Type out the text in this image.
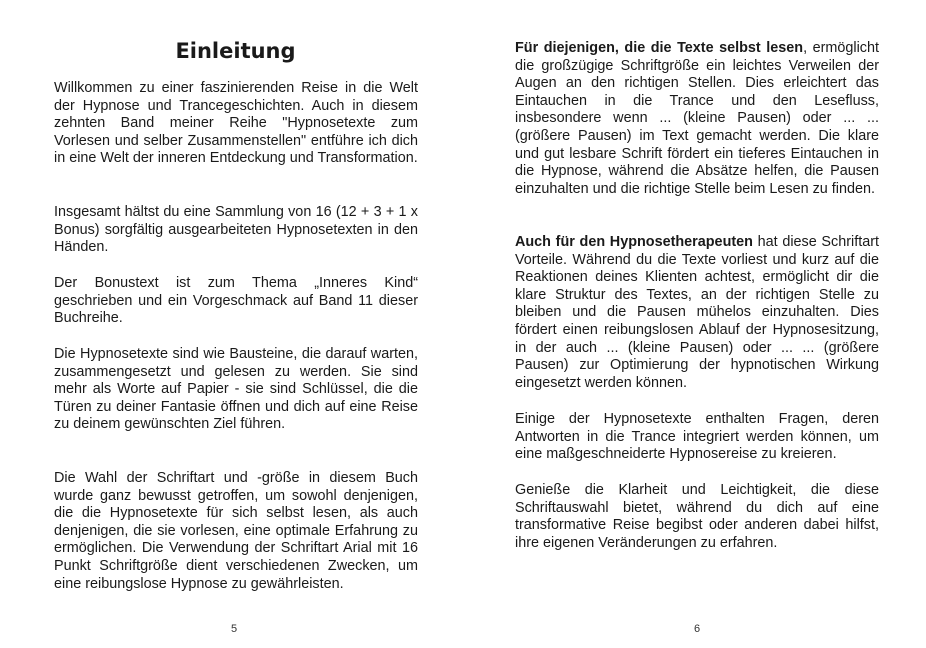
Einleitung

Willkommen zu einer faszinierenden Reise in die Welt der Hypnose und Trancegeschichten. Auch in diesem zehnten Band meiner Reihe "Hypnosetexte zum Vorlesen und selber Zusammenstellen" entführe ich dich in eine Welt der inneren Entdeckung und Transformation.

Insgesamt hältst du eine Sammlung von 16 (12 + 3 + 1 x Bonus) sorgfältig ausgearbeiteten Hypnosetexten in den Händen.

Der Bonustext ist zum Thema „Inneres Kind“ geschrieben und ein Vorgeschmack auf Band 11 dieser Buchreihe.

Die Hypnosetexte sind wie Bausteine, die darauf warten, zusammengesetzt und gelesen zu werden. Sie sind mehr als Worte auf Papier - sie sind Schlüssel, die die Türen zu deiner Fantasie öffnen und dich auf eine Reise zu deinem gewünschten Ziel führen.

Die Wahl der Schriftart und -größe in diesem Buch wurde ganz bewusst getroffen, um sowohl denjenigen, die die Hypnosetexte für sich selbst lesen, als auch denjenigen, die sie vorlesen, eine optimale Erfahrung zu ermöglichen. Die Verwendung der Schriftart Arial mit 16 Punkt Schriftgröße dient verschiedenen Zwecken, um eine reibungslose Hypnose zu gewährleisten.

5

Für diejenigen, die die Texte selbst lesen, ermöglicht die großzügige Schriftgröße ein leichtes Verweilen der Augen an den richtigen Stellen. Dies erleichtert das Eintauchen in die Trance und den Lesefluss, insbesondere wenn ... (kleine Pausen) oder ... ... (größere Pausen) im Text gemacht werden. Die klare und gut lesbare Schrift fördert ein tieferes Eintauchen in die Hypnose, während die Absätze helfen, die Pausen einzuhalten und die richtige Stelle beim Lesen zu finden.

Auch für den Hypnosetherapeuten hat diese Schriftart Vorteile. Während du die Texte vorliest und kurz auf die Reaktionen deines Klienten achtest, ermöglicht dir die klare Struktur des Textes, an der richtigen Stelle zu bleiben und die Pausen mühelos einzuhalten. Dies fördert einen reibungslosen Ablauf der Hypnosesitzung, in der auch ... (kleine Pausen) oder ... ... (größere Pausen) zur Optimierung der hypnotischen Wirkung eingesetzt werden können.

Einige der Hypnosetexte enthalten Fragen, deren Antworten in die Trance integriert werden können, um eine maßgeschneiderte Hypnosereise zu kreieren.

Genieße die Klarheit und Leichtigkeit, die diese Schriftauswahl bietet, während du dich auf eine transformative Reise begibst oder anderen dabei hilfst, ihre eigenen Veränderungen zu erfahren.

6
